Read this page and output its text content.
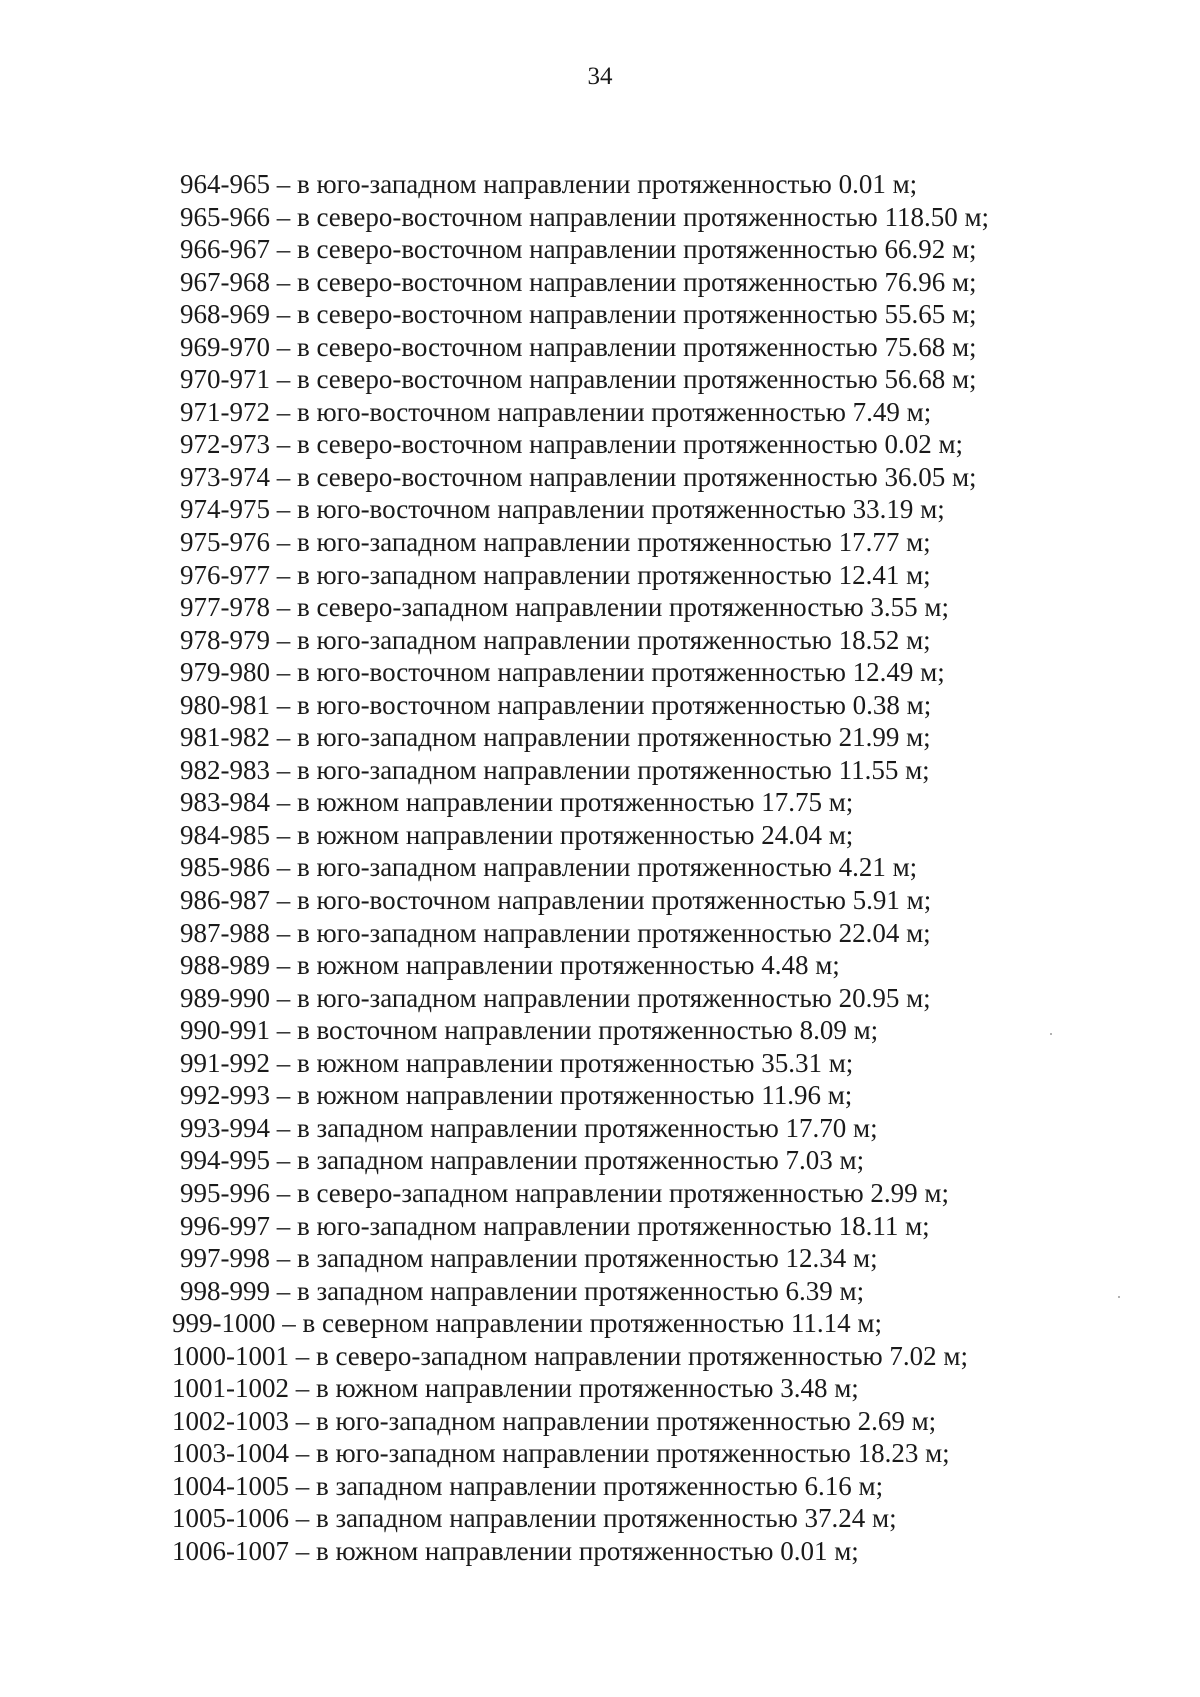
34
964-965 – в юго-западном направлении протяженностью 0.01 м;
965-966 – в северо-восточном направлении протяженностью 118.50 м;
966-967 – в северо-восточном направлении протяженностью 66.92 м;
967-968 – в северо-восточном направлении протяженностью 76.96 м;
968-969 – в северо-восточном направлении протяженностью 55.65 м;
969-970 – в северо-восточном направлении протяженностью 75.68 м;
970-971 – в северо-восточном направлении протяженностью 56.68 м;
971-972 – в юго-восточном направлении протяженностью 7.49 м;
972-973 – в северо-восточном направлении протяженностью 0.02 м;
973-974 – в северо-восточном направлении протяженностью 36.05 м;
974-975 – в юго-восточном направлении протяженностью 33.19 м;
975-976 – в юго-западном направлении протяженностью 17.77 м;
976-977 – в юго-западном направлении протяженностью 12.41 м;
977-978 – в северо-западном направлении протяженностью 3.55 м;
978-979 – в юго-западном направлении протяженностью 18.52 м;
979-980 – в юго-восточном направлении протяженностью 12.49 м;
980-981 – в юго-восточном направлении протяженностью 0.38 м;
981-982 – в юго-западном направлении протяженностью 21.99 м;
982-983 – в юго-западном направлении протяженностью 11.55 м;
983-984 – в южном направлении протяженностью 17.75 м;
984-985 – в южном направлении протяженностью 24.04 м;
985-986 – в юго-западном направлении протяженностью 4.21 м;
986-987 – в юго-восточном направлении протяженностью 5.91 м;
987-988 – в юго-западном направлении протяженностью 22.04 м;
988-989 – в южном направлении протяженностью 4.48 м;
989-990 – в юго-западном направлении протяженностью 20.95 м;
990-991 – в восточном направлении протяженностью 8.09 м;
991-992 – в южном направлении протяженностью 35.31 м;
992-993 – в южном направлении протяженностью 11.96 м;
993-994 – в западном направлении протяженностью 17.70 м;
994-995 – в западном направлении протяженностью 7.03 м;
995-996 – в северо-западном направлении протяженностью 2.99 м;
996-997 – в юго-западном направлении протяженностью 18.11 м;
997-998 – в западном направлении протяженностью 12.34 м;
998-999 – в западном направлении протяженностью 6.39 м;
999-1000 – в северном направлении протяженностью 11.14 м;
1000-1001 – в северо-западном направлении протяженностью 7.02 м;
1001-1002 – в южном направлении протяженностью 3.48 м;
1002-1003 – в юго-западном направлении протяженностью 2.69 м;
1003-1004 – в юго-западном направлении протяженностью 18.23 м;
1004-1005 – в западном направлении протяженностью 6.16 м;
1005-1006 – в западном направлении протяженностью 37.24 м;
1006-1007 – в южном направлении протяженностью 0.01 м;
